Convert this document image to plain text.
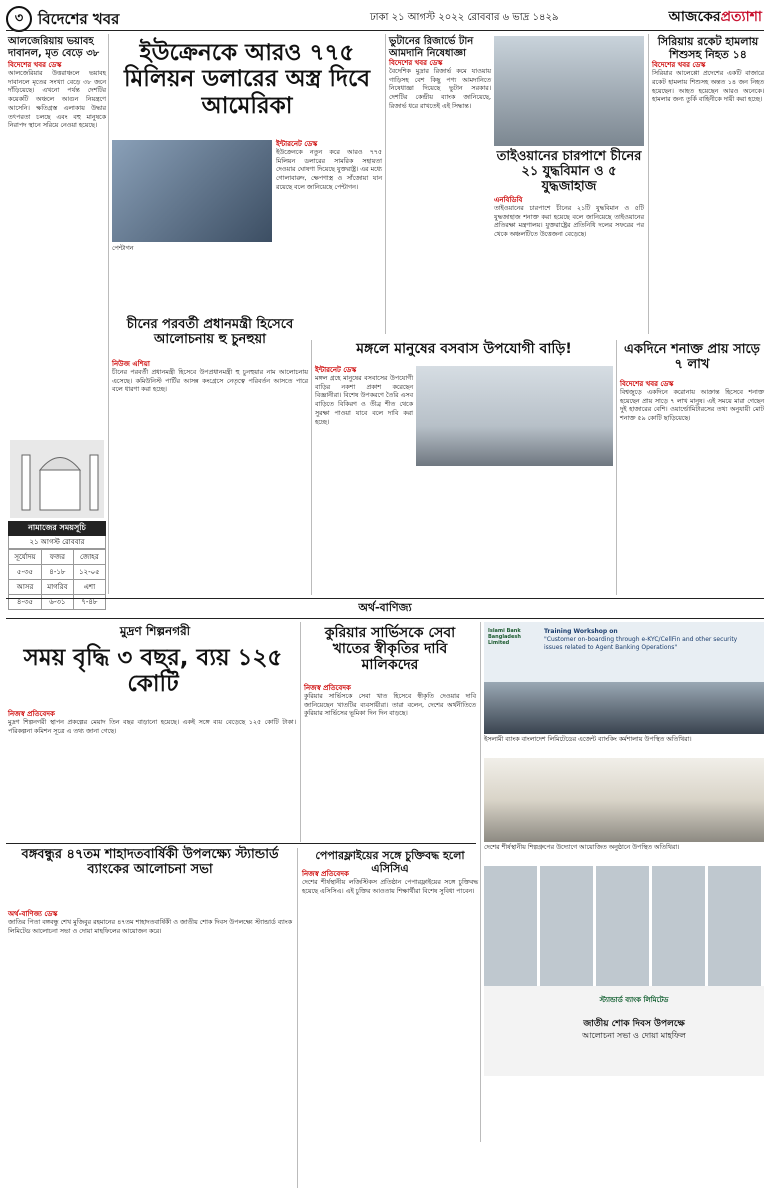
৩ বিদেশের খবর	ঢাকা ২১ আগস্ট ২০২২ রোববার ৬ ভাদ্র ১৪২৯	আজকেরপ্রত্যাশা
আলজেরিয়ায় ভয়াবহ দাবানল, মৃত বেড়ে ৩৮
বিদেশের খবর ডেস্ক
আলজেরিয়ার উত্তরাঞ্চলে ভয়াবহ দাবানলে মৃতের সংখ্যা বেড়ে ৩৮ জনে দাঁড়িয়েছে। এখনো পর্যন্ত দেশটির কয়েকটি অঞ্চলে আগুন নিয়ন্ত্রণে আসেনি। ক্ষতিগ্রস্ত এলাকায় উদ্ধার তৎপরতা চলছে এবং বহু মানুষকে নিরাপদ স্থানে সরিয়ে নেওয়া হয়েছে।
নামাজের সময়সূচি
২১ আগস্ট রোববার
সূর্যোদয়	ফজর	জোহর
৫-৩৫	৪-১৮	১২-০৫
আসর	মাগরিব	এশা
৪-৩৫	৬-৩১	৭-৪৮
ইউক্রেনকে আরও ৭৭৫ মিলিয়ন ডলারের অস্ত্র দিবে আমেরিকা
ইন্টারনেট ডেস্ক
ইউক্রেনকে নতুন করে আরও ৭৭৫ মিলিয়ন ডলারের সামরিক সহায়তা দেওয়ার ঘোষণা দিয়েছে যুক্তরাষ্ট্র। এর মধ্যে গোলাবারুদ, ক্ষেপণাস্ত্র ও সাঁজোয়া যান রয়েছে বলে জানিয়েছে পেন্টাগন।
পেন্টাগন
ভুটানের রিজার্ভে টান আমদানি নিষেধাজ্ঞা
বিদেশের খবর ডেস্ক
বৈদেশিক মুদ্রার রিজার্ভ কমে যাওয়ায় গাড়িসহ বেশ কিছু পণ্য আমদানিতে নিষেধাজ্ঞা দিয়েছে ভুটান সরকার। দেশটির কেন্দ্রীয় ব্যাংক জানিয়েছে, রিজার্ভ ধরে রাখতেই এই সিদ্ধান্ত।
তাইওয়ানের চারপাশে চীনের ২১ যুদ্ধবিমান ও ৫ যুদ্ধজাহাজ
এনবিডিবি
তাইওয়ানের চারপাশে চীনের ২১টি যুদ্ধবিমান ও ৫টি যুদ্ধজাহাজ শনাক্ত করা হয়েছে বলে জানিয়েছে তাইওয়ানের প্রতিরক্ষা মন্ত্রণালয়। যুক্তরাষ্ট্রের প্রতিনিধি দলের সফরের পর থেকে অঞ্চলটিতে উত্তেজনা বেড়েছে।
সিরিয়ায় রকেট হামলায় শিশুসহ নিহত ১৪
বিদেশের খবর ডেস্ক
সিরিয়ার আলেপ্পো প্রদেশের একটি বাজারে রকেট হামলায় শিশুসহ অন্তত ১৪ জন নিহত হয়েছেন। আহত হয়েছেন আরও অনেকে। হামলার জন্য তুর্কি বাহিনীকে দায়ী করা হচ্ছে।
চীনের পরবর্তী প্রধানমন্ত্রী হিসেবে আলোচনায় হু চুনহুয়া
নিউজ এশিয়া
চীনের পরবর্তী প্রধানমন্ত্রী হিসেবে উপপ্রধানমন্ত্রী হু চুনহুয়ার নাম আলোচনায় এসেছে। কমিউনিস্ট পার্টির আসন্ন কংগ্রেসে নেতৃত্বে পরিবর্তন আসতে পারে বলে ধারণা করা হচ্ছে।
মঙ্গলে মানুষের বসবাস উপযোগী বাড়ি!
ইন্টারনেট ডেস্ক
মঙ্গল গ্রহে মানুষের বসবাসের উপযোগী বাড়ির নকশা প্রকাশ করেছেন বিজ্ঞানীরা। বিশেষ উপকরণে তৈরি এসব বাড়িতে বিকিরণ ও তীব্র শীত থেকে সুরক্ষা পাওয়া যাবে বলে দাবি করা হচ্ছে।
একদিনে শনাক্ত প্রায় সাড়ে ৭ লাখ
বিদেশের খবর ডেস্ক
বিশ্বজুড়ে একদিনে করোনায় আক্রান্ত হিসেবে শনাক্ত হয়েছেন প্রায় সাড়ে ৭ লাখ মানুষ। এই সময়ে মারা গেছেন দুই হাজারের বেশি। ওয়ার্ল্ডোমিটারসের তথ্য অনুযায়ী মোট শনাক্ত ৫৯ কোটি ছাড়িয়েছে।
অর্থ-বাণিজ্য
মুদ্রণ শিল্পনগরী
সময় বৃদ্ধি ৩ বছর, ব্যয় ১২৫ কোটি
নিজস্ব প্রতিবেদক
মুদ্রণ শিল্পনগরী স্থাপন প্রকল্পের মেয়াদ তিন বছর বাড়ানো হয়েছে। একই সঙ্গে ব্যয় বেড়েছে ১২৫ কোটি টাকা। পরিকল্পনা কমিশন সূত্রে এ তথ্য জানা গেছে।
কুরিয়ার সার্ভিসকে সেবা খাতের স্বীকৃতির দাবি মালিকদের
নিজস্ব প্রতিবেদক
কুরিয়ার সার্ভিসকে সেবা খাত হিসেবে স্বীকৃতি দেওয়ার দাবি জানিয়েছেন খাতটির ব্যবসায়ীরা। তারা বলেন, দেশের অর্থনীতিতে কুরিয়ার সার্ভিসের ভূমিকা দিন দিন বাড়ছে।
Training Workshop on
"Customer on-boarding through e-KYC/CellFin and other security issues related to Agent Banking Operations"
Islami Bank Bangladesh Limited
ইসলামী ব্যাংক বাংলাদেশ লিমিটেডের এজেন্ট ব্যাংকিং কর্মশালায় উপস্থিত অতিথিরা।
দেশের শীর্ষস্থানীয় শিল্পগ্রুপের উদ্যোগে আয়োজিত অনুষ্ঠানে উপস্থিত অতিথিরা।
বঙ্গবন্ধুর ৪৭তম শাহাদতবার্ষিকী উপলক্ষ্যে স্ট্যান্ডার্ড ব্যাংকের আলোচনা সভা
অর্থ-বাণিজ্য ডেস্ক
জাতির পিতা বঙ্গবন্ধু শেখ মুজিবুর রহমানের ৪৭তম শাহাদতবার্ষিকী ও জাতীয় শোক দিবস উপলক্ষ্যে স্ট্যান্ডার্ড ব্যাংক লিমিটেড আলোচনা সভা ও দোয়া মাহফিলের আয়োজন করে।
পেপারফ্লাইয়ের সঙ্গে চুক্তিবদ্ধ হলো এসিসিএ
নিজস্ব প্রতিবেদক
দেশের শীর্ষস্থানীয় লজিস্টিকস প্রতিষ্ঠান পেপারফ্লাইয়ের সঙ্গে চুক্তিবদ্ধ হয়েছে এসিসিএ। এই চুক্তির আওতায় শিক্ষার্থীরা বিশেষ সুবিধা পাবেন।
স্ট্যান্ডার্ড ব্যাংক লিমিটেড
জাতীয় শোক দিবস উপলক্ষে
আলোচনা সভা ও দোয়া মাহফিল
